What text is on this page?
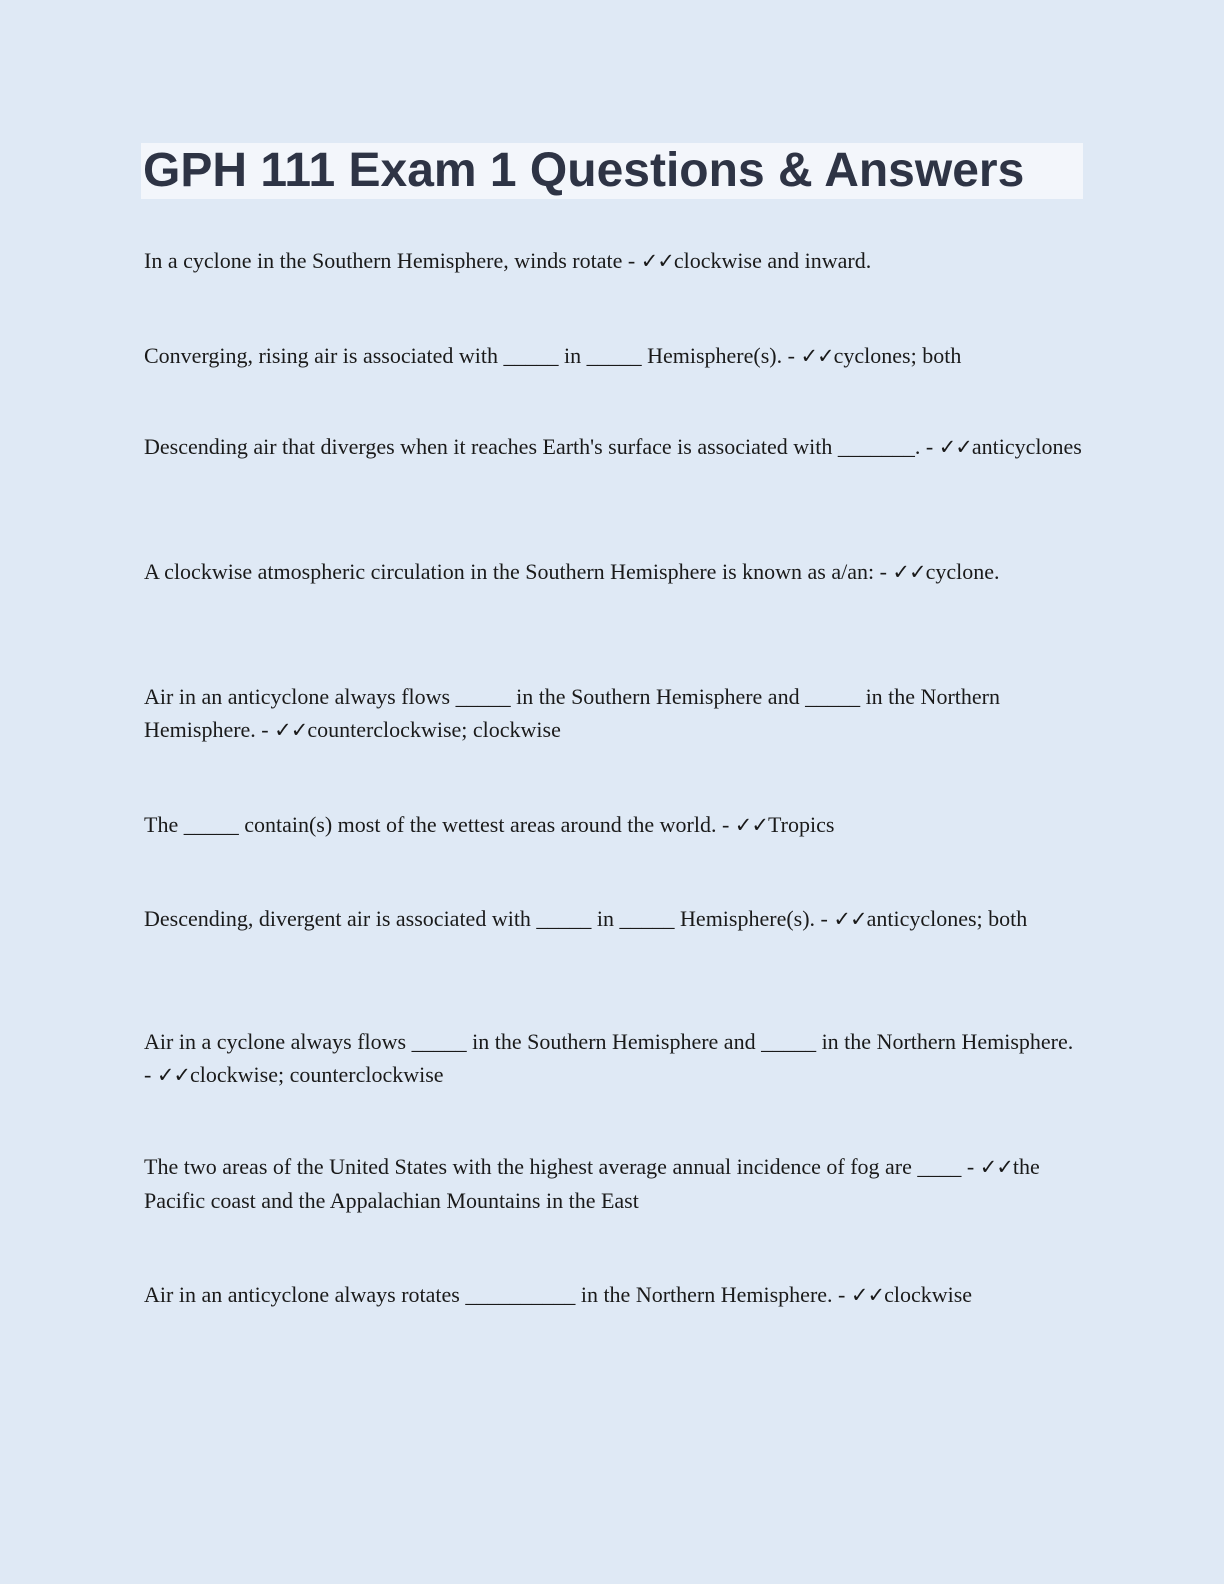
GPH 111 Exam 1 Questions & Answers

In a cyclone in the Southern Hemisphere, winds rotate - ✓✓clockwise and inward.

Converging, rising air is associated with _____ in _____ Hemisphere(s). - ✓✓cyclones; both

Descending air that diverges when it reaches Earth's surface is associated with _______. - ✓✓anticyclones

A clockwise atmospheric circulation in the Southern Hemisphere is known as a/an: - ✓✓cyclone.

Air in an anticyclone always flows _____ in the Southern Hemisphere and _____ in the Northern Hemisphere. - ✓✓counterclockwise; clockwise

The _____ contain(s) most of the wettest areas around the world. - ✓✓Tropics

Descending, divergent air is associated with _____ in _____ Hemisphere(s). - ✓✓anticyclones; both

Air in a cyclone always flows _____ in the Southern Hemisphere and _____ in the Northern Hemisphere. - ✓✓clockwise; counterclockwise

The two areas of the United States with the highest average annual incidence of fog are ____ - ✓✓the Pacific coast and the Appalachian Mountains in the East

Air in an anticyclone always rotates __________ in the Northern Hemisphere. - ✓✓clockwise
